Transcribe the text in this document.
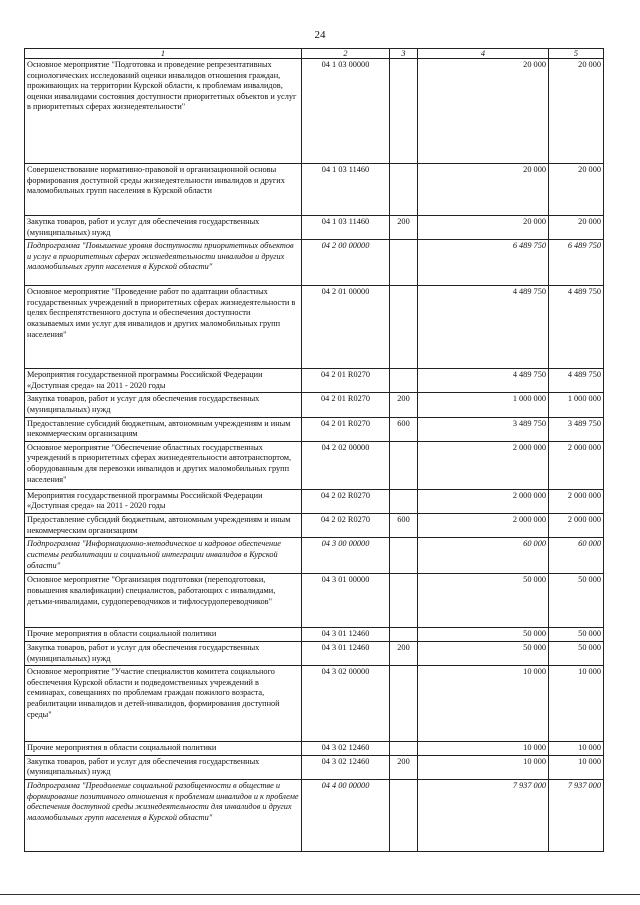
24
1	2	3	4	5
Основное мероприятие "Подготовка и проведение репрезентативных социологических исследований оценки инвалидов отношения граждан, проживающих на территории Курской области, к проблемам инвалидов, оценки инвалидами состояния доступности приоритетных объектов и услуг в приоритетных сферах жизнедеятельности"	04 1 03 00000		20 000	20 000
Совершенствование нормативно-правовой и организационной основы формирования доступной среды жизнедеятельности инвалидов и других маломобильных групп населения в Курской области	04 1 03 11460		20 000	20 000
Закупка товаров, работ и услуг для обеспечения государственных (муниципальных) нужд	04 1 03 11460	200	20 000	20 000
Подпрограмма "Повышение уровня доступности приоритетных объектов и услуг в приоритетных сферах жизнедеятельности инвалидов и других маломобильных групп населения в Курской области"	04 2 00 00000		6 489 750	6 489 750
Основное мероприятие "Проведение работ по адаптации областных государственных учреждений в приоритетных сферах жизнедеятельности в целях беспрепятственного доступа и обеспечения доступности оказываемых ими услуг для инвалидов и других маломобильных групп населения"	04 2 01 00000		4 489 750	4 489 750
Мероприятия государственной программы Российской Федерации «Доступная среда» на 2011 - 2020 годы	04 2 01 R0270		4 489 750	4 489 750
Закупка товаров, работ и услуг для обеспечения государственных (муниципальных) нужд	04 2 01 R0270	200	1 000 000	1 000 000
Предоставление субсидий бюджетным, автономным учреждениям и иным некоммерческим организациям	04 2 01 R0270	600	3 489 750	3 489 750
Основное мероприятие "Обеспечение областных государственных учреждений в приоритетных сферах жизнедеятельности автотранспортом, оборудованным для перевозки инвалидов и других маломобильных групп населения"	04 2 02 00000		2 000 000	2 000 000
Мероприятия государственной программы Российской Федерации «Доступная среда» на 2011 - 2020 годы	04 2 02 R0270		2 000 000	2 000 000
Предоставление субсидий бюджетным, автономным учреждениям и иным некоммерческим организациям	04 2 02 R0270	600	2 000 000	2 000 000
Подпрограмма "Информационно-методическое и кадровое обеспечение системы реабилитации и социальной интеграции инвалидов в Курской области"	04 3 00 00000		60 000	60 000
Основное мероприятие "Организация подготовки (переподготовки, повышения квалификации) специалистов, работающих с инвалидами, детьми-инвалидами, сурдопереводчиков и тифлосурдопереводчиков"	04 3 01 00000		50 000	50 000
Прочие мероприятия в области социальной политики	04 3 01 12460		50 000	50 000
Закупка товаров, работ и услуг для обеспечения государственных (муниципальных) нужд	04 3 01 12460	200	50 000	50 000
Основное мероприятие "Участие специалистов комитета социального обеспечения Курской области и подведомственных учреждений в семинарах, совещаниях по проблемам граждан пожилого возраста, реабилитации инвалидов и детей-инвалидов, формирования доступной среды"	04 3 02 00000		10 000	10 000
Прочие мероприятия в области социальной политики	04 3 02 12460		10 000	10 000
Закупка товаров, работ и услуг для обеспечения государственных (муниципальных) нужд	04 3 02 12460	200	10 000	10 000
Подпрограмма "Преодоление социальной разобщенности в обществе и формирование позитивного отношения к проблемам инвалидов и к проблеме обеспечения доступной среды жизнедеятельности для инвалидов и других маломобильных групп населения в Курской области"	04 4 00 00000		7 937 000	7 937 000
